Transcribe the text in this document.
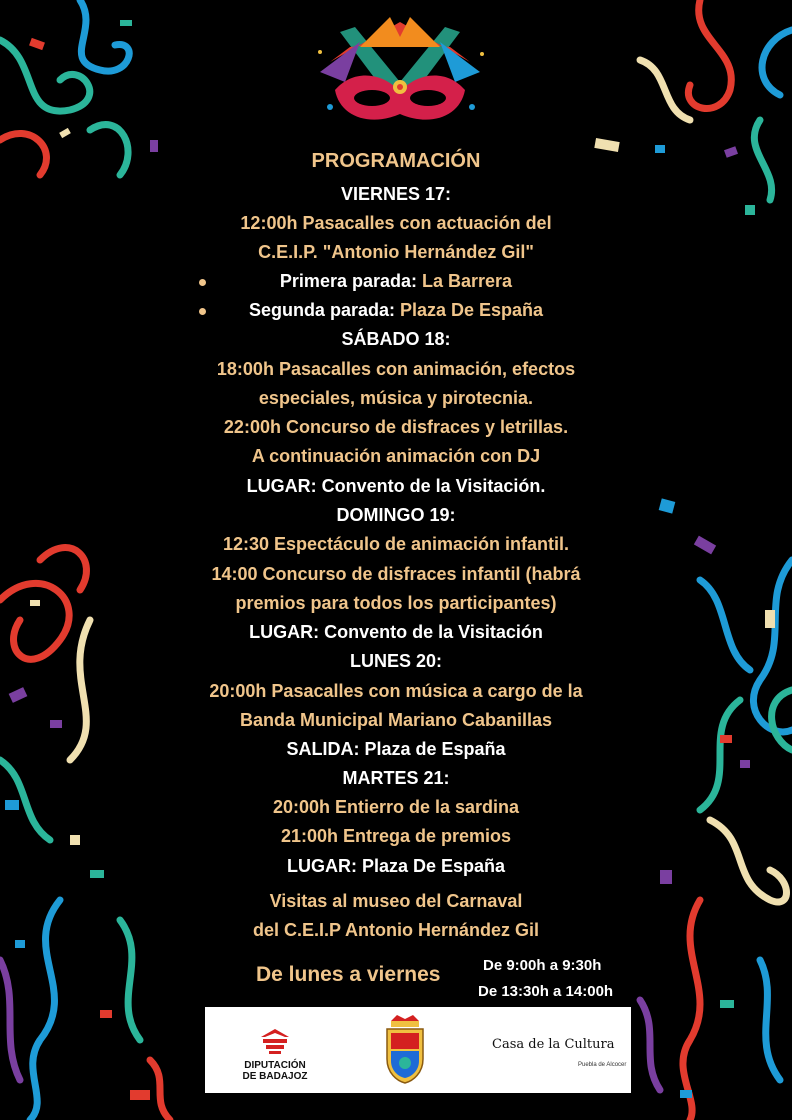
PROGRAMACIÓN
VIERNES 17:
12:00h Pasacalles con actuación del
C.E.I.P. "Antonio Hernández Gil"
Primera parada: La Barrera
Segunda parada: Plaza De España
SÁBADO 18:
18:00h Pasacalles con animación, efectos
especiales, música y pirotecnia.
22:00h Concurso de disfraces y letrillas.
A continuación animación con DJ
LUGAR: Convento de la Visitación.
DOMINGO 19:
12:30 Espectáculo de animación infantil.
14:00 Concurso de disfraces infantil (habrá
premios para todos los participantes)
LUGAR: Convento de la Visitación
LUNES 20:
20:00h Pasacalles con música a cargo de la
Banda Municipal Mariano Cabanillas
SALIDA: Plaza de España
MARTES 21:
20:00h Entierro de la sardina
21:00h Entrega de premios
LUGAR: Plaza De España
Visitas al museo del Carnaval
del C.E.I.P Antonio Hernández Gil
De lunes a viernes	De 9:00h a 9:30h
De 13:30h a 14:00h
DIPUTACIÓN
DE BADAJOZ
Casa de la Cultura
Puebla de Alcocer
